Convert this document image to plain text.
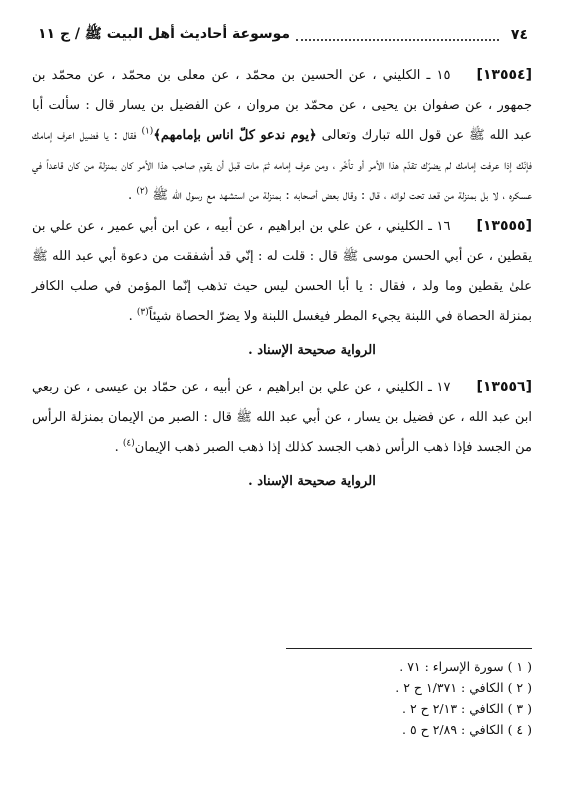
٧٤
موسوعة أحاديث أهل البيت ﷺ / ج ١١

[١٣٥٥٤]١٥ ـ الكليني ، عن الحسين بن محمّد ، عن معلى بن محمّد ، عن محمّد بن جمهور ، عن صفوان بن يحيى ، عن محمّد بن مروان ، عن الفضيل بن يسار قال : سألت أبا عبد الله ﷺ عن قول الله تبارك وتعالى ﴿يوم ندعو كلّ اناس بإمامهم﴾$^{(١)}$ فقال : يا فضيل اعرف إمامك فإنّك إذا عرفت إمامك لم يضرّك تقدّم هذا الأمر أو تأخّر ، ومن عرف إمامه ثمّ مات قبل أن يقوم صاحب هذا الأمر كان بمنزلة من كان قاعداً في عسكره ، لا بل بمنزلة من قعد تحت لوائه ، قال : وقال بعض أصحابه : بمنزلة من استشهد مع رسول الله ﷺ $^{(٢)}$ .

[١٣٥٥٥]١٦ ـ الكليني ، عن علي بن ابراهيم ، عن أبيه ، عن ابن أبي عمير ، عن علي بن يقطين ، عن أبي الحسن موسى ﷺ قال : قلت له : إنّي قد أشفقت من دعوة أبي عبد الله ﷺ علىٰ يقطين وما ولد ، فقال : يا أبا الحسن ليس حيث تذهب إنّما المؤمن في صلب الكافر بمنزلة الحصاة في اللبنة يجيء المطر فيغسل اللبنة ولا يضرّ الحصاة شيئاً$^{(٣)}$ .

الرواية صحيحة الإسناد .

[١٣٥٥٦]١٧ ـ الكليني ، عن علي بن ابراهيم ، عن أبيه ، عن حمّاد بن عيسى ، عن ربعي ابن عبد الله ، عن فضيل بن يسار ، عن أبي عبد الله ﷺ قال : الصبر من الإيمان بمنزلة الرأس من الجسد فإذا ذهب الرأس ذهب الجسد كذلك إذا ذهب الصبر ذهب الإيمان$^{(٤)}$ .

الرواية صحيحة الإسناد .
( ١ ) سورة الإسراء : ٧١ .
( ٢ ) الكافي : ١/٣٧١ ح ٢ .
( ٣ ) الكافي : ٢/١٣ ح ٢ .
( ٤ ) الكافي : ٢/٨٩ ح ٥ .
